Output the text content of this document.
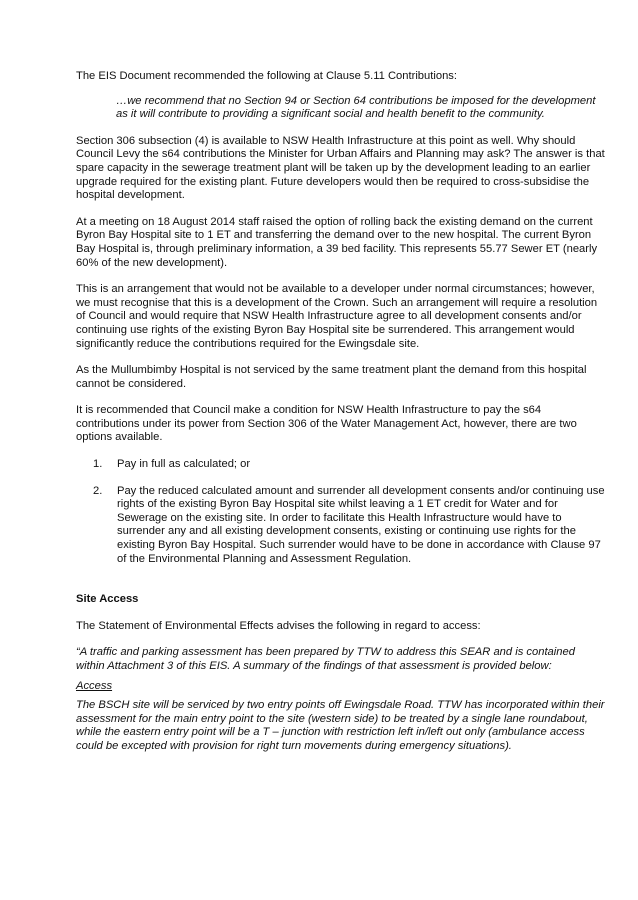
The EIS Document recommended the following at Clause 5.11 Contributions:

…we recommend that no Section 94 or Section 64 contributions be imposed for the development as it will contribute to providing a significant social and health benefit to the community.

Section 306 subsection (4) is available to NSW Health Infrastructure at this point as well. Why should Council Levy the s64 contributions the Minister for Urban Affairs and Planning may ask? The answer is that spare capacity in the sewerage treatment plant will be taken up by the development leading to an earlier upgrade required for the existing plant. Future developers would then be required to cross-subsidise the hospital development.

At a meeting on 18 August 2014 staff raised the option of rolling back the existing demand on the current Byron Bay Hospital site to 1 ET and transferring the demand over to the new hospital. The current Byron Bay Hospital is, through preliminary information, a 39 bed facility. This represents 55.77 Sewer ET (nearly 60% of the new development).

This is an arrangement that would not be available to a developer under normal circumstances; however, we must recognise that this is a development of the Crown. Such an arrangement will require a resolution of Council and would require that NSW Health Infrastructure agree to all development consents and/or continuing use rights of the existing Byron Bay Hospital site be surrendered. This arrangement would significantly reduce the contributions required for the Ewingsdale site.

As the Mullumbimby Hospital is not serviced by the same treatment plant the demand from this hospital cannot be considered.

It is recommended that Council make a condition for NSW Health Infrastructure to pay the s64 contributions under its power from Section 306 of the Water Management Act, however, there are two options available.

1. Pay in full as calculated; or
2. Pay the reduced calculated amount and surrender all development consents and/or continuing use rights of the existing Byron Bay Hospital site whilst leaving a 1 ET credit for Water and for Sewerage on the existing site. In order to facilitate this Health Infrastructure would have to surrender any and all existing development consents, existing or continuing use rights for the existing Byron Bay Hospital. Such surrender would have to be done in accordance with Clause 97 of the Environmental Planning and Assessment Regulation.

Site Access

The Statement of Environmental Effects advises the following in regard to access:

“A traffic and parking assessment has been prepared by TTW to address this SEAR and is contained within Attachment 3 of this EIS. A summary of the findings of that assessment is provided below:

Access

The BSCH site will be serviced by two entry points off Ewingsdale Road. TTW has incorporated within their assessment for the main entry point to the site (western side) to be treated by a single lane roundabout, while the eastern entry point will be a T – junction with restriction left in/left out only (ambulance access could be excepted with provision for right turn movements during emergency situations).
